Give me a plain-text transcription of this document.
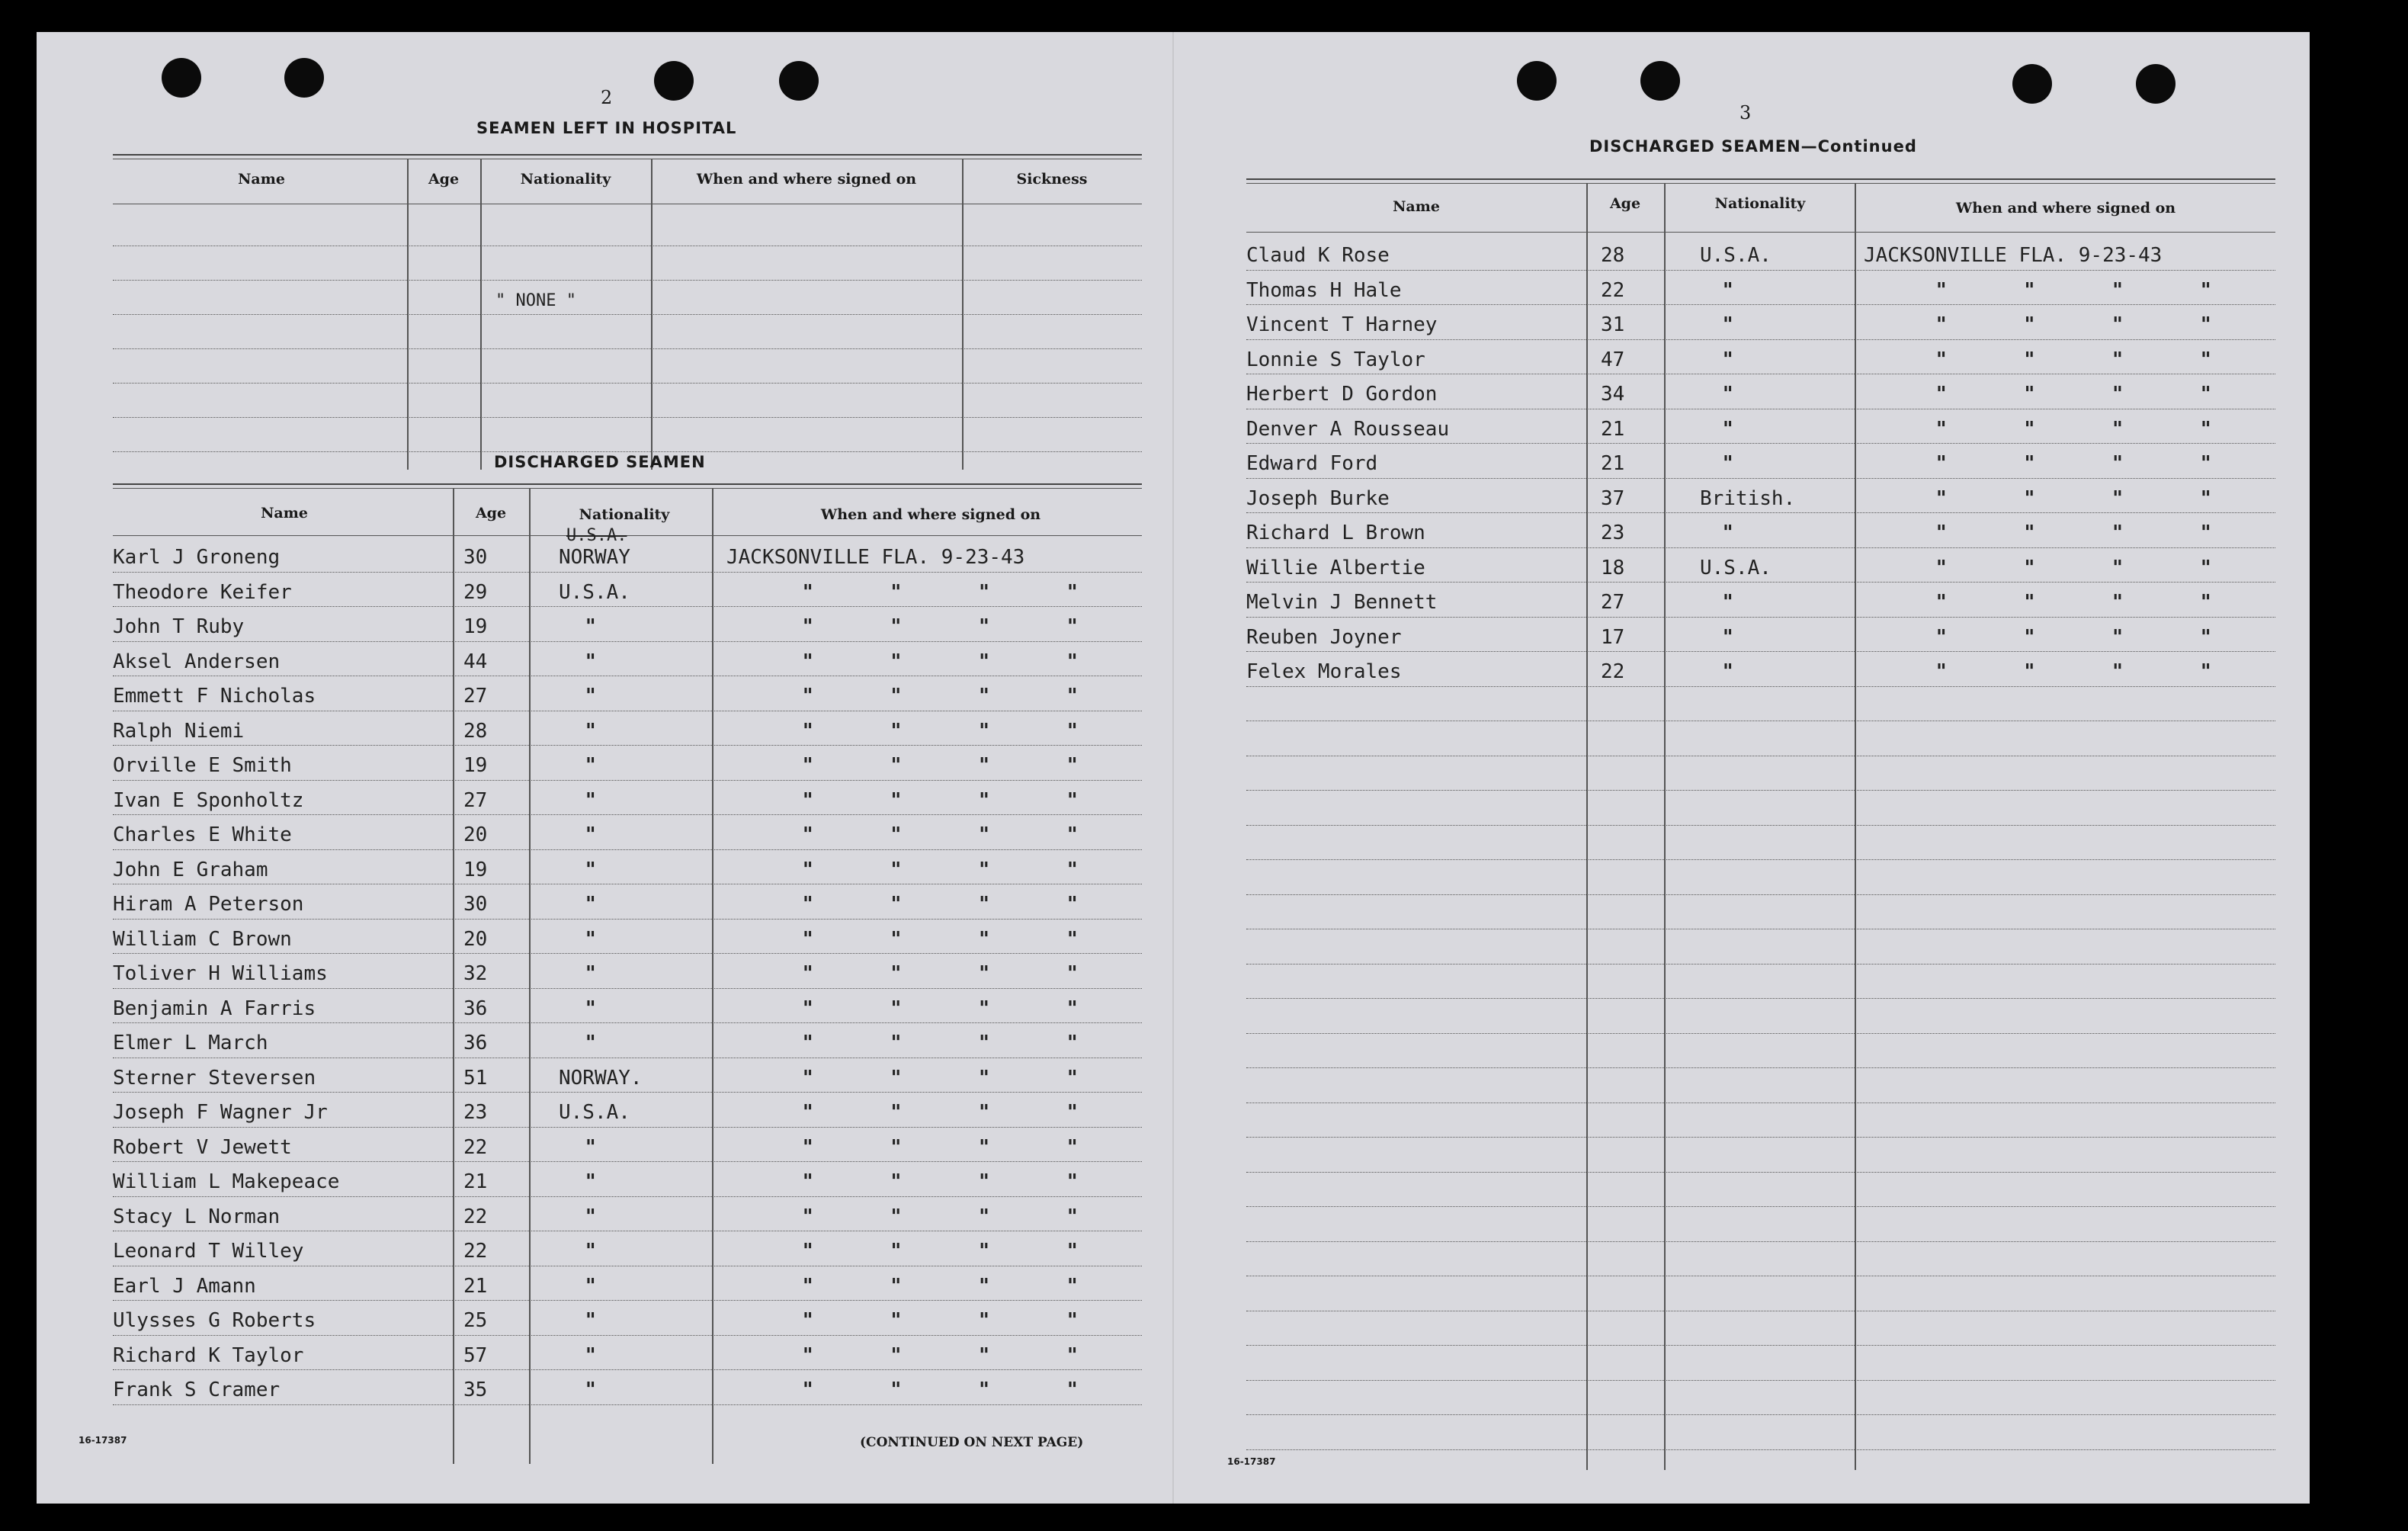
2
SEAMEN LEFT IN HOSPITAL
Name	Age	Nationality	When and where signed on	Sickness
" NONE "
DISCHARGED SEAMEN
Name	Age	Nationality	When and where signed on
Karl J Groneng	30	NORWAY	JACKSONVILLE FLA. 9-23-43
Theodore Keifer	29	U.S.A.	"  "  "  "
John T Ruby	19	"	"  "  "  "
Aksel Andersen	44	"	"  "  "  "
Emmett F Nicholas	27	"	"  "  "  "
Ralph Niemi	28	"	"  "  "  "
Orville E Smith	19	"	"  "  "  "
Ivan E Sponholtz	27	"	"  "  "  "
Charles E White	20	"	"  "  "  "
John E Graham	19	"	"  "  "  "
Hiram A Peterson	30	"	"  "  "  "
William C Brown	20	"	"  "  "  "
Toliver H Williams	32	"	"  "  "  "
Benjamin A Farris	36	"	"  "  "  "
Elmer L March	36	"	"  "  "  "
Sterner Steversen	51	NORWAY.	"  "  "  "
Joseph F Wagner Jr	23	U.S.A.	"  "  "  "
Robert V Jewett	22	"	"  "  "  "
William L Makepeace	21	"	"  "  "  "
Stacy L Norman	22	"	"  "  "  "
Leonard T Willey	22	"	"  "  "  "
Earl J Amann	21	"	"  "  "  "
Ulysses G Roberts	25	"	"  "  "  "
Richard K Taylor	57	"	"  "  "  "
Frank S Cramer	35	"	"  "  "  "
U.S.A.
16-17387	(CONTINUED ON NEXT PAGE)
3
DISCHARGED SEAMEN—Continued
Name	Age	Nationality	When and where signed on
Claud K Rose	28	U.S.A.	JACKSONVILLE FLA. 9-23-43
Thomas H Hale	22	"	"  "  "  "
Vincent T Harney	31	"	"  "  "  "
Lonnie S Taylor	47	"	"  "  "  "
Herbert D Gordon	34	"	"  "  "  "
Denver A Rousseau	21	"	"  "  "  "
Edward Ford	21	"	"  "  "  "
Joseph Burke	37	British.	"  "  "  "
Richard L Brown	23	"	"  "  "  "
Willie Albertie	18	U.S.A.	"  "  "  "
Melvin J Bennett	27	"	"  "  "  "
Reuben Joyner	17	"	"  "  "  "
Felex Morales	22	"	"  "  "  "
16-17387
